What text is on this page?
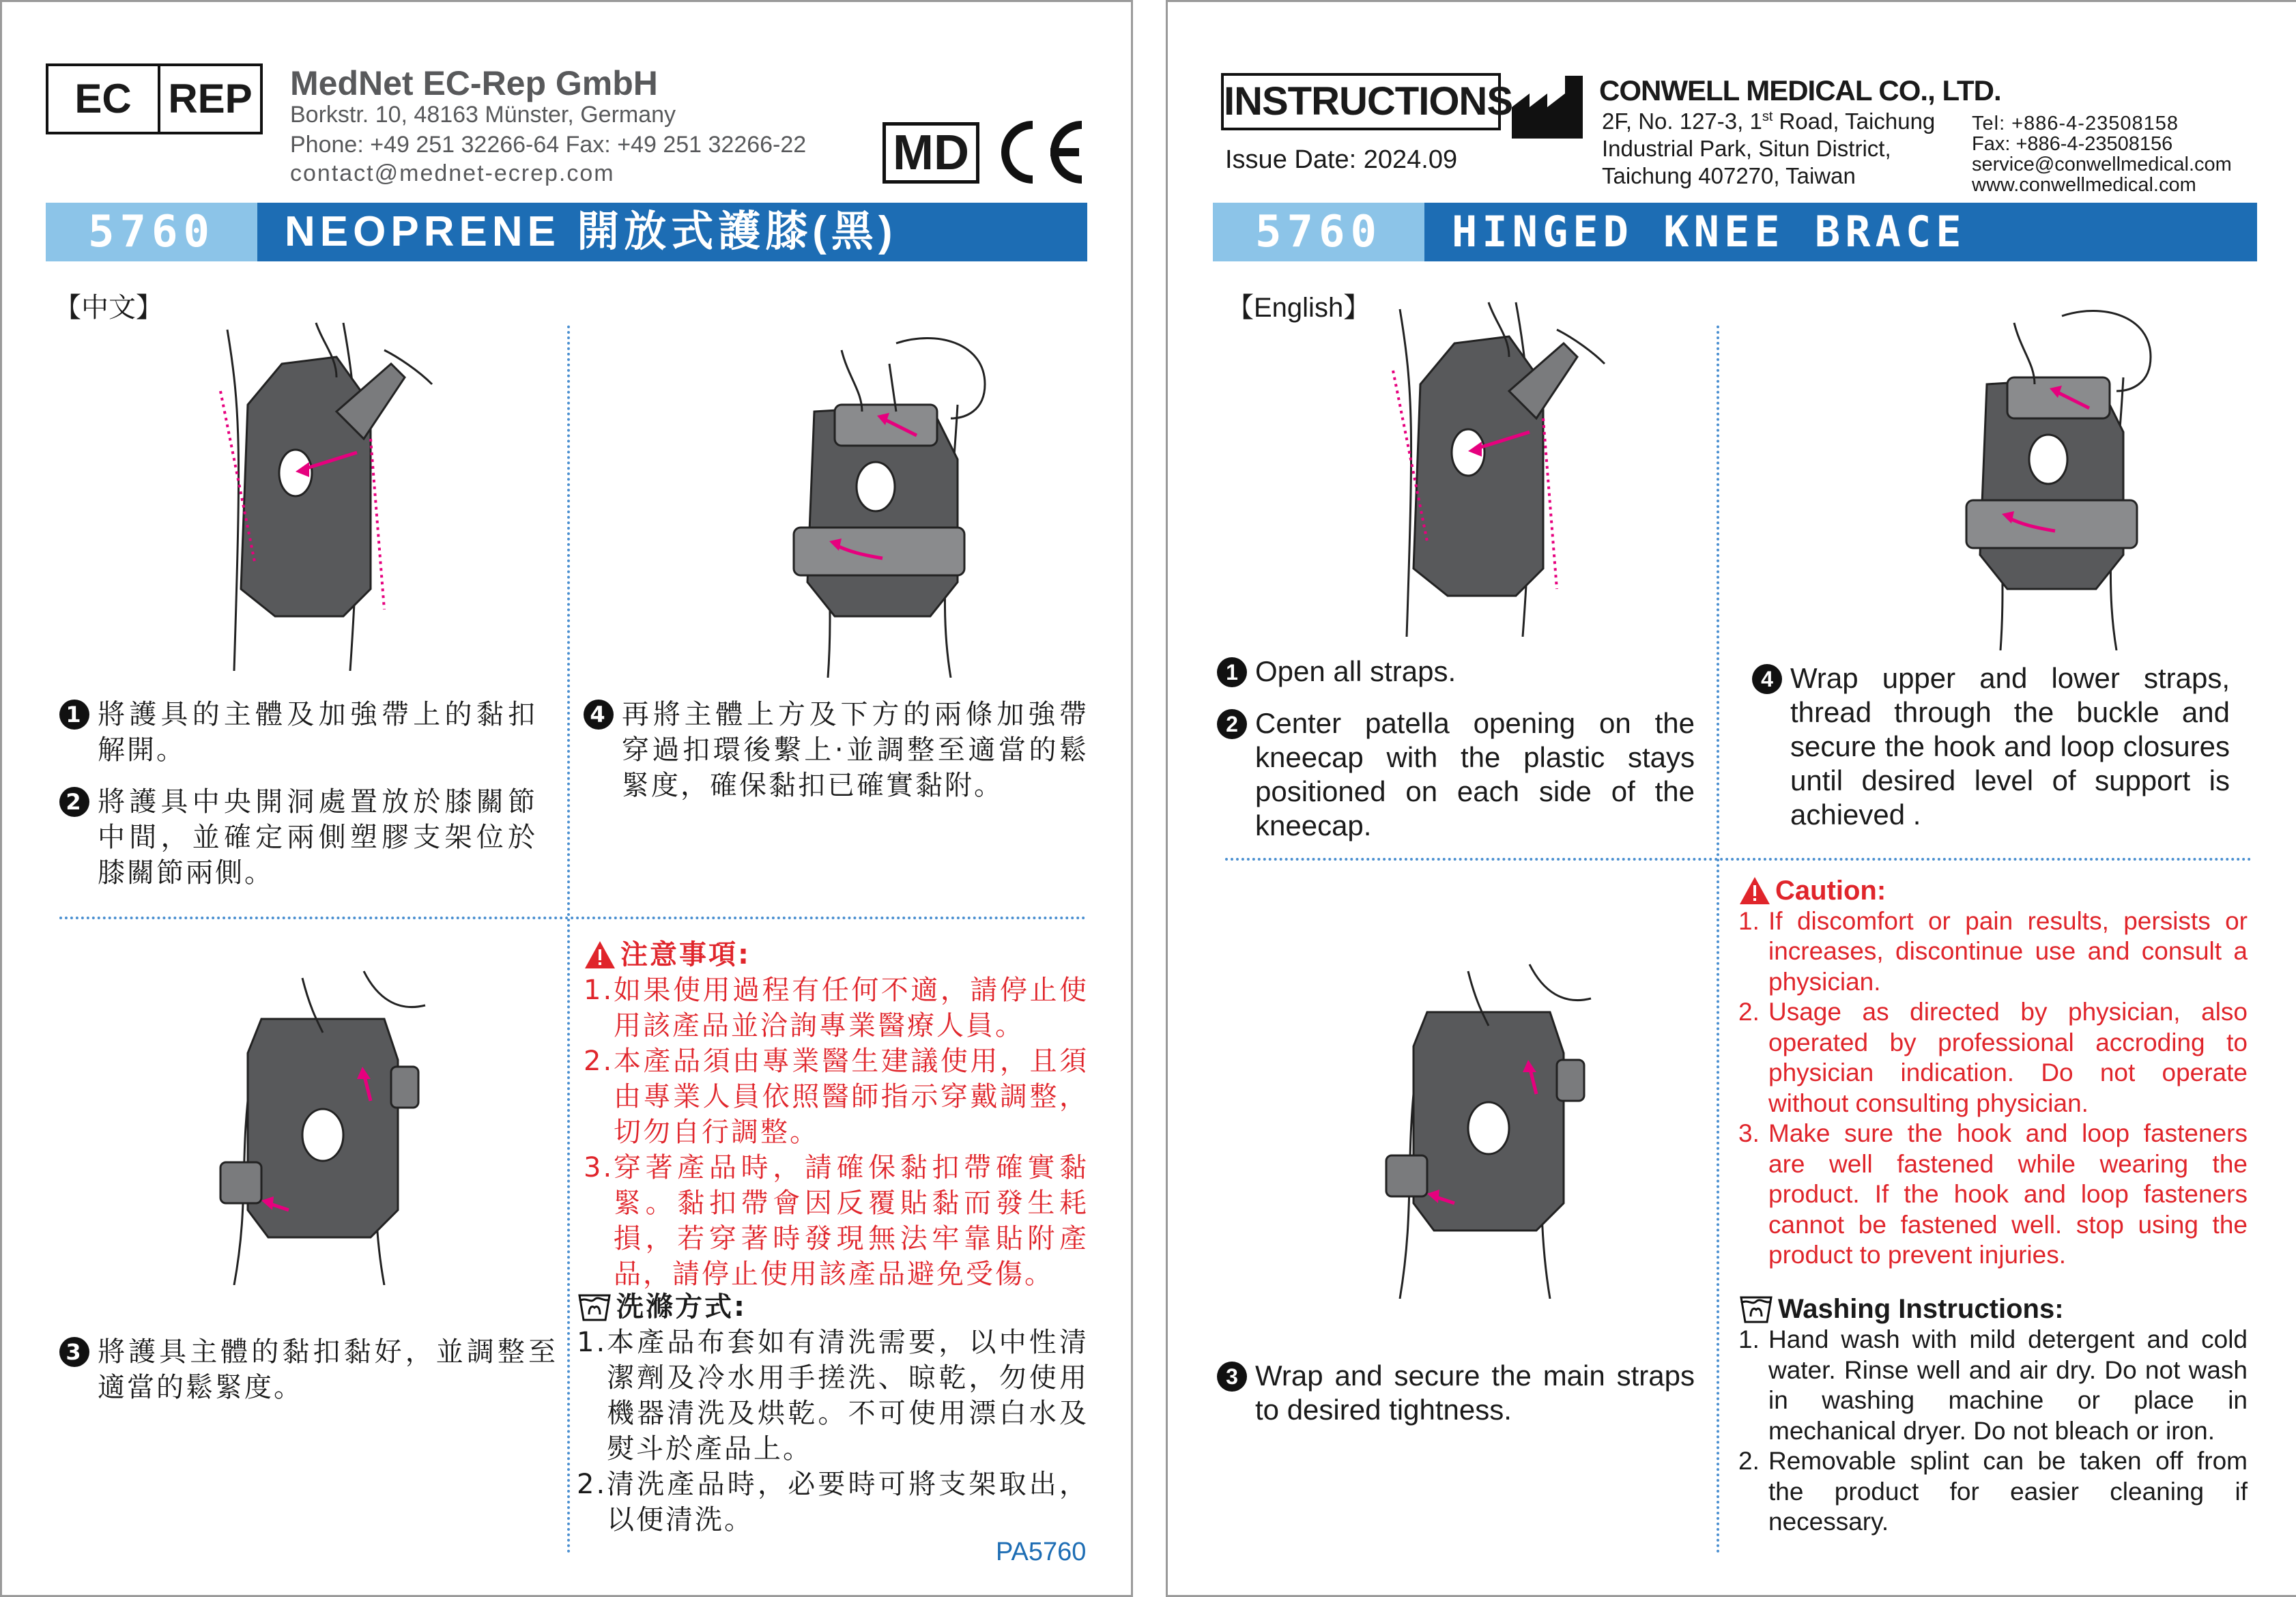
EC REP MedNet EC-Rep GmbH
Borkstr. 10, 48163 Münster, Germany
Phone: +49 251 32266-64 Fax: +49 251 32266-22
contact@mednet-ecrep.com	MD
5760	NEOPRENE 開放式護膝(黑)
【中文】
1 將護具的主體及加強帶上的黏扣解開。
2 將護具中央開洞處置放於膝關節中間，並確定兩側塑膠支架位於膝關節兩側。
4 再將主體上方及下方的兩條加強帶穿過扣環後繫上·並調整至適當的鬆緊度，確保黏扣已確實黏附。
3 將護具主體的黏扣黏好，並調整至適當的鬆緊度。
注意事項:
1. 如果使用過程有任何不適，請停止使用該產品並洽詢專業醫療人員。
2. 本產品須由專業醫生建議使用，且須由專業人員依照醫師指示穿戴調整，切勿自行調整。
3. 穿著產品時，請確保黏扣帶確實黏緊。黏扣帶會因反覆貼黏而發生耗損，若穿著時發現無法牢靠貼附產品，請停止使用該產品避免受傷。
洗滌方式:
1. 本產品布套如有清洗需要，以中性清潔劑及冷水用手搓洗、晾乾，勿使用機器清洗及烘乾。不可使用漂白水及熨斗於產品上。
2. 清洗產品時，必要時可將支架取出，以便清洗。
PA5760
INSTRUCTIONS
Issue Date: 2024.09
CONWELL MEDICAL CO., LTD.
2F, No. 127-3, 1st Road, Taichung
Industrial Park, Situn District,
Taichung 407270, Taiwan
Tel: +886-4-23508158
Fax: +886-4-23508156
service@conwellmedical.com
www.conwellmedical.com
5760	HINGED KNEE BRACE
【English】
1 Open all straps.
2 Center patella opening on the kneecap with the plastic stays positioned on each side of the kneecap.
4 Wrap upper and lower straps, thread through the buckle and secure the hook and loop closures until desired level of support is achieved .
3 Wrap and secure the main straps to desired tightness.
Caution:
1. If discomfort or pain results, persists or increases, discontinue use and consult a physician.
2. Usage as directed by physician, also operated by professional accroding to physician indication. Do not operate without consulting physician.
3. Make sure the hook and loop fasteners are well fastened while wearing the product. If the hook and loop fasteners cannot be fastened well. stop using the product to prevent injuries.
Washing Instructions:
1. Hand wash with mild detergent and cold water. Rinse well and air dry. Do not wash in washing machine or place in mechanical dryer. Do not bleach or iron.
2. Removable splint can be taken off from the product for easier cleaning if necessary.
